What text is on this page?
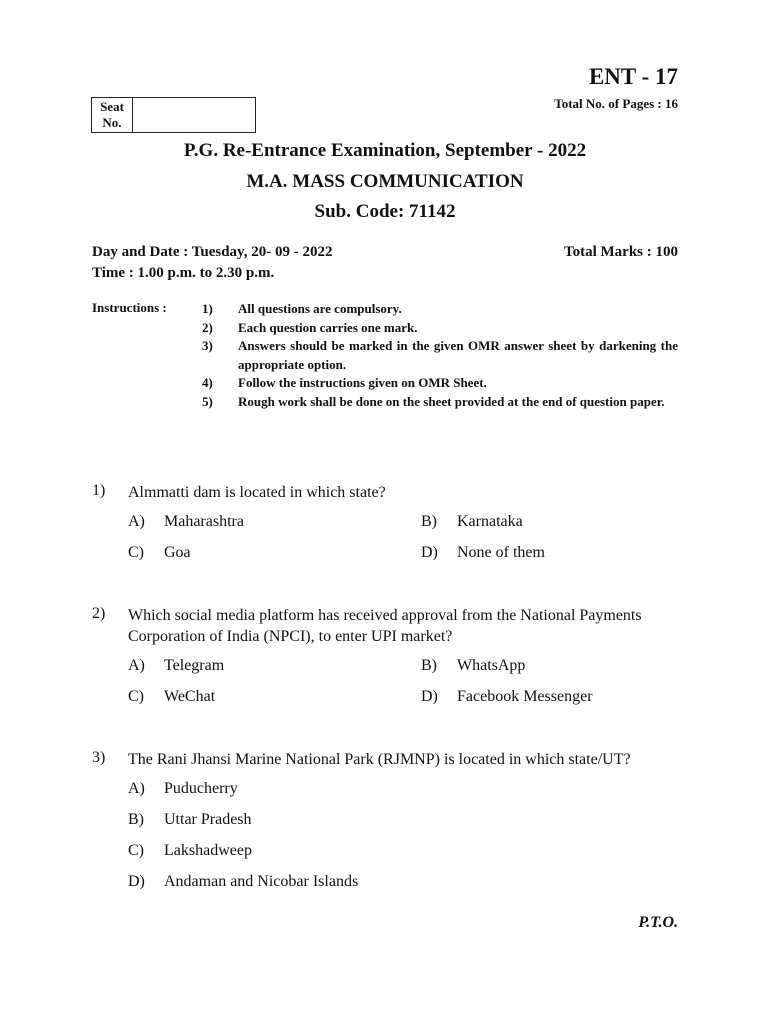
ENT - 17
Total No. of Pages : 16
Seat No.
P.G. Re-Entrance Examination, September - 2022
M.A. MASS COMMUNICATION
Sub. Code: 71142
Day and Date : Tuesday, 20- 09 - 2022
Time : 1.00 p.m. to 2.30 p.m.
Total Marks : 100
Instructions :	1)	All questions are compulsory.
2)	Each question carries one mark.
3)	Answers should be marked in the given OMR answer sheet by darkening the appropriate option.
4)	Follow the instructions given on OMR Sheet.
5)	Rough work shall be done on the sheet provided at the end of question paper.
1) Almmatti dam is located in which state?
A)	Maharashtra	B)	Karnataka
C)	Goa	D)	None of them
2) Which social media platform has received approval from the National Payments Corporation of India (NPCI), to enter UPI market?
A)	Telegram	B)	WhatsApp
C)	WeChat	D)	Facebook Messenger
3) The Rani Jhansi Marine National Park (RJMNP) is located in which state/UT?
A)	Puducherry
B)	Uttar Pradesh
C)	Lakshadweep
D)	Andaman and Nicobar Islands
P.T.O.
